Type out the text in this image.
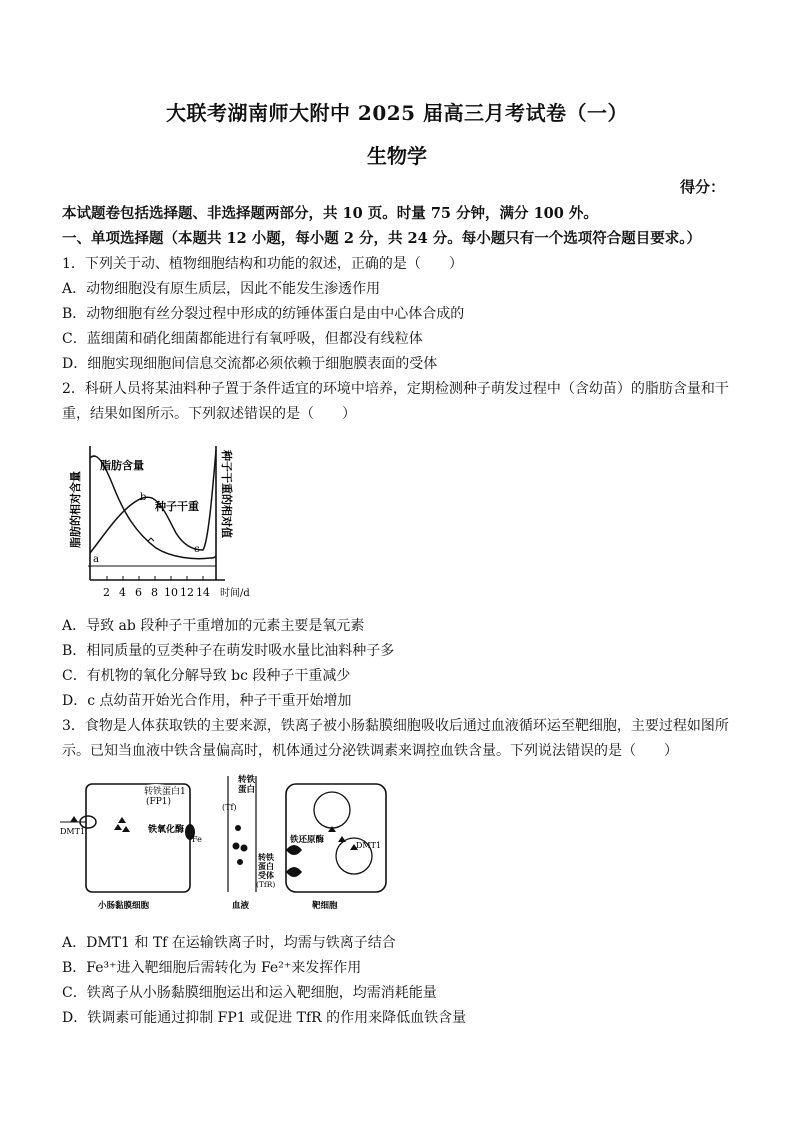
大联考湖南师大附中 2025 届高三月考试卷（一）
生物学
得分：
本试题卷包括选择题、非选择题两部分，共 10 页。时量 75 分钟，满分 100 外。
一、单项选择题（本题共 12 小题，每小题 2 分，共 24 分。每小题只有一个选项符合题目要求。）
1．下列关于动、植物细胞结构和功能的叙述，正确的是（　　）
A．动物细胞没有原生质层，因此不能发生渗透作用
B．动物细胞有丝分裂过程中形成的纺锤体蛋白是由中心体合成的
C．蓝细菌和硝化细菌都能进行有氧呼吸，但都没有线粒体
D．细胞实现细胞间信息交流都必须依赖于细胞膜表面的受体
2．科研人员将某油料种子置于条件适宜的环境中培养，定期检测种子萌发过程中（含幼苗）的脂肪含量和干
重，结果如图所示。下列叙述错误的是（　　）
脂肪含量
种子干重
a
b
c
脂肪的相对含量	种子干重的相对值
2 4 6 8 10 12 14 时间/d
A．导致 ab 段种子干重增加的元素主要是氧元素
B．相同质量的豆类种子在萌发时吸水量比油料种子多
C．有机物的氧化分解导致 bc 段种子干重减少
D．c 点幼苗开始光合作用，种子干重开始增加
3．食物是人体获取铁的主要来源，铁离子被小肠黏膜细胞吸收后通过血液循环运至靶细胞，主要过程如图所
示。已知当血液中铁含量偏高时，机体通过分泌铁调素来调控血铁含量。下列说法错误的是（　　）
转铁蛋白1
(FP1)
铁氧化酶
DMT1
Fe
小肠黏膜细胞
转铁
蛋白
(Tf)
血液
转铁
蛋白
受体
(TfR)
铁还原酶
DMT1
靶细胞
A．DMT1 和 Tf 在运输铁离子时，均需与铁离子结合
B．Fe³⁺进入靶细胞后需转化为 Fe²⁺来发挥作用
C．铁离子从小肠黏膜细胞运出和运入靶细胞，均需消耗能量
D．铁调素可能通过抑制 FP1 或促进 TfR 的作用来降低血铁含量
